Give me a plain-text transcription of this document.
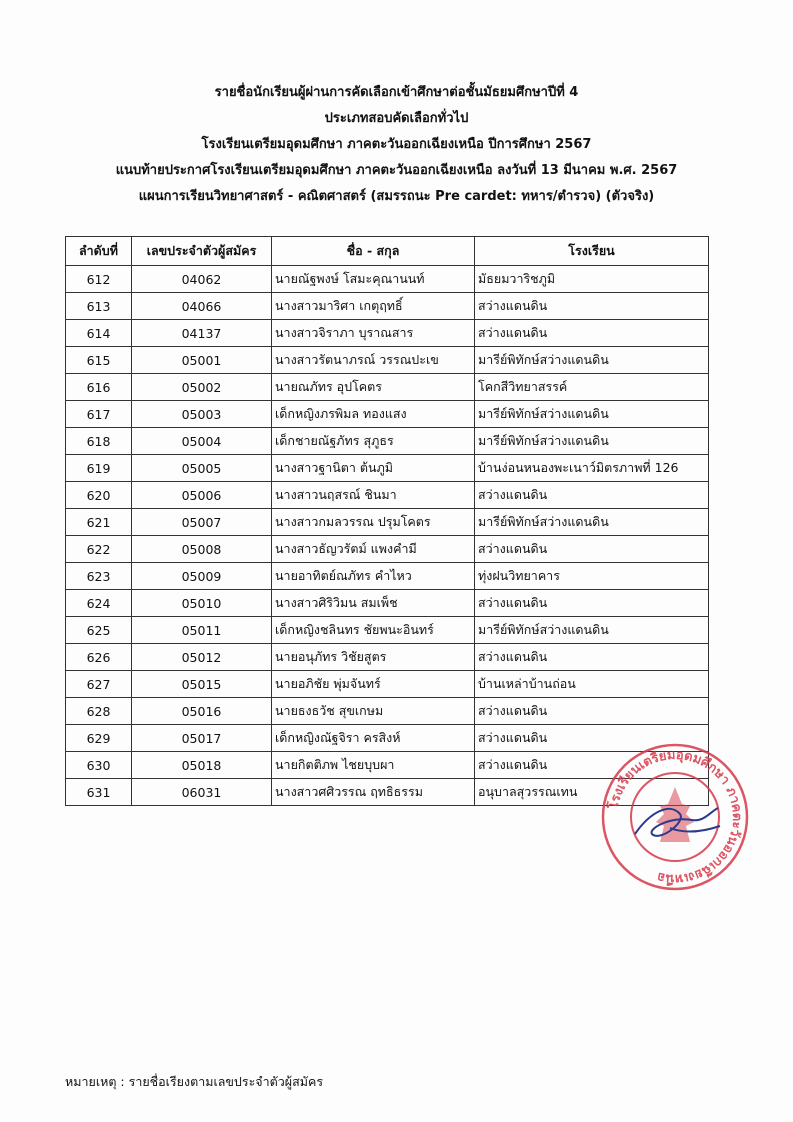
รายชื่อนักเรียนผู้ผ่านการคัดเลือกเข้าศึกษาต่อชั้นมัธยมศึกษาปีที่ 4
ประเภทสอบคัดเลือกทั่วไป
โรงเรียนเตรียมอุดมศึกษา ภาคตะวันออกเฉียงเหนือ ปีการศึกษา 2567
แนบท้ายประกาศโรงเรียนเตรียมอุดมศึกษา ภาคตะวันออกเฉียงเหนือ ลงวันที่ 13 มีนาคม พ.ศ. 2567
แผนการเรียนวิทยาศาสตร์ - คณิตศาสตร์ (สมรรถนะ Pre cardet: ทหาร/ตำรวจ) (ตัวจริง)
ลำดับที่	เลขประจำตัวผู้สมัคร	ชื่อ - สกุล	โรงเรียน
612	04062	นายณัฐพงษ์ โสมะคุณานนท์	มัธยมวาริชภูมิ
613	04066	นางสาวมาริศา เกตุฤทธิ์	สว่างแดนดิน
614	04137	นางสาวจิราภา บุราณสาร	สว่างแดนดิน
615	05001	นางสาวรัตนาภรณ์ วรรณปะเข	มารีย์พิทักษ์สว่างแดนดิน
616	05002	นายณภัทร อุปโคตร	โคกสีวิทยาสรรค์
617	05003	เด็กหญิงภรพิมล ทองแสง	มารีย์พิทักษ์สว่างแดนดิน
618	05004	เด็กชายณัฐภัทร สุภูธร	มารีย์พิทักษ์สว่างแดนดิน
619	05005	นางสาวฐานิตา ต้นภูมิ	บ้านง่อนหนองพะเนาว์มิตรภาพที่ 126
620	05006	นางสาวนฤสรณ์ ชินมา	สว่างแดนดิน
621	05007	นางสาวกมลวรรณ ปรุมโคตร	มารีย์พิทักษ์สว่างแดนดิน
622	05008	นางสาวธัญวรัตม์ แพงคำมี	สว่างแดนดิน
623	05009	นายอาทิตย์ณภัทร คำไหว	ทุ่งฝนวิทยาคาร
624	05010	นางสาวศิริวิมน สมเพ็ช	สว่างแดนดิน
625	05011	เด็กหญิงชลินทร ชัยพนะอินทร์	มารีย์พิทักษ์สว่างแดนดิน
626	05012	นายอนุภัทร วิชัยสูตร	สว่างแดนดิน
627	05015	นายอภิชัย พุ่มจันทร์	บ้านเหล่าบ้านถ่อน
628	05016	นายธงธวัช สุขเกษม	สว่างแดนดิน
629	05017	เด็กหญิงณัฐจิรา ครสิงห์	สว่างแดนดิน
630	05018	นายกิตติภพ ไชยบุบผา	สว่างแดนดิน
631	06031	นางสาวศศิวรรณ ฤทธิธรรม	อนุบาลสุวรรณเทน
โรงเรียนเตรียมอุดมศึกษา ภาคตะวันออกเฉียงเหนือ
หมายเหตุ : รายชื่อเรียงตามเลขประจำตัวผู้สมัคร
